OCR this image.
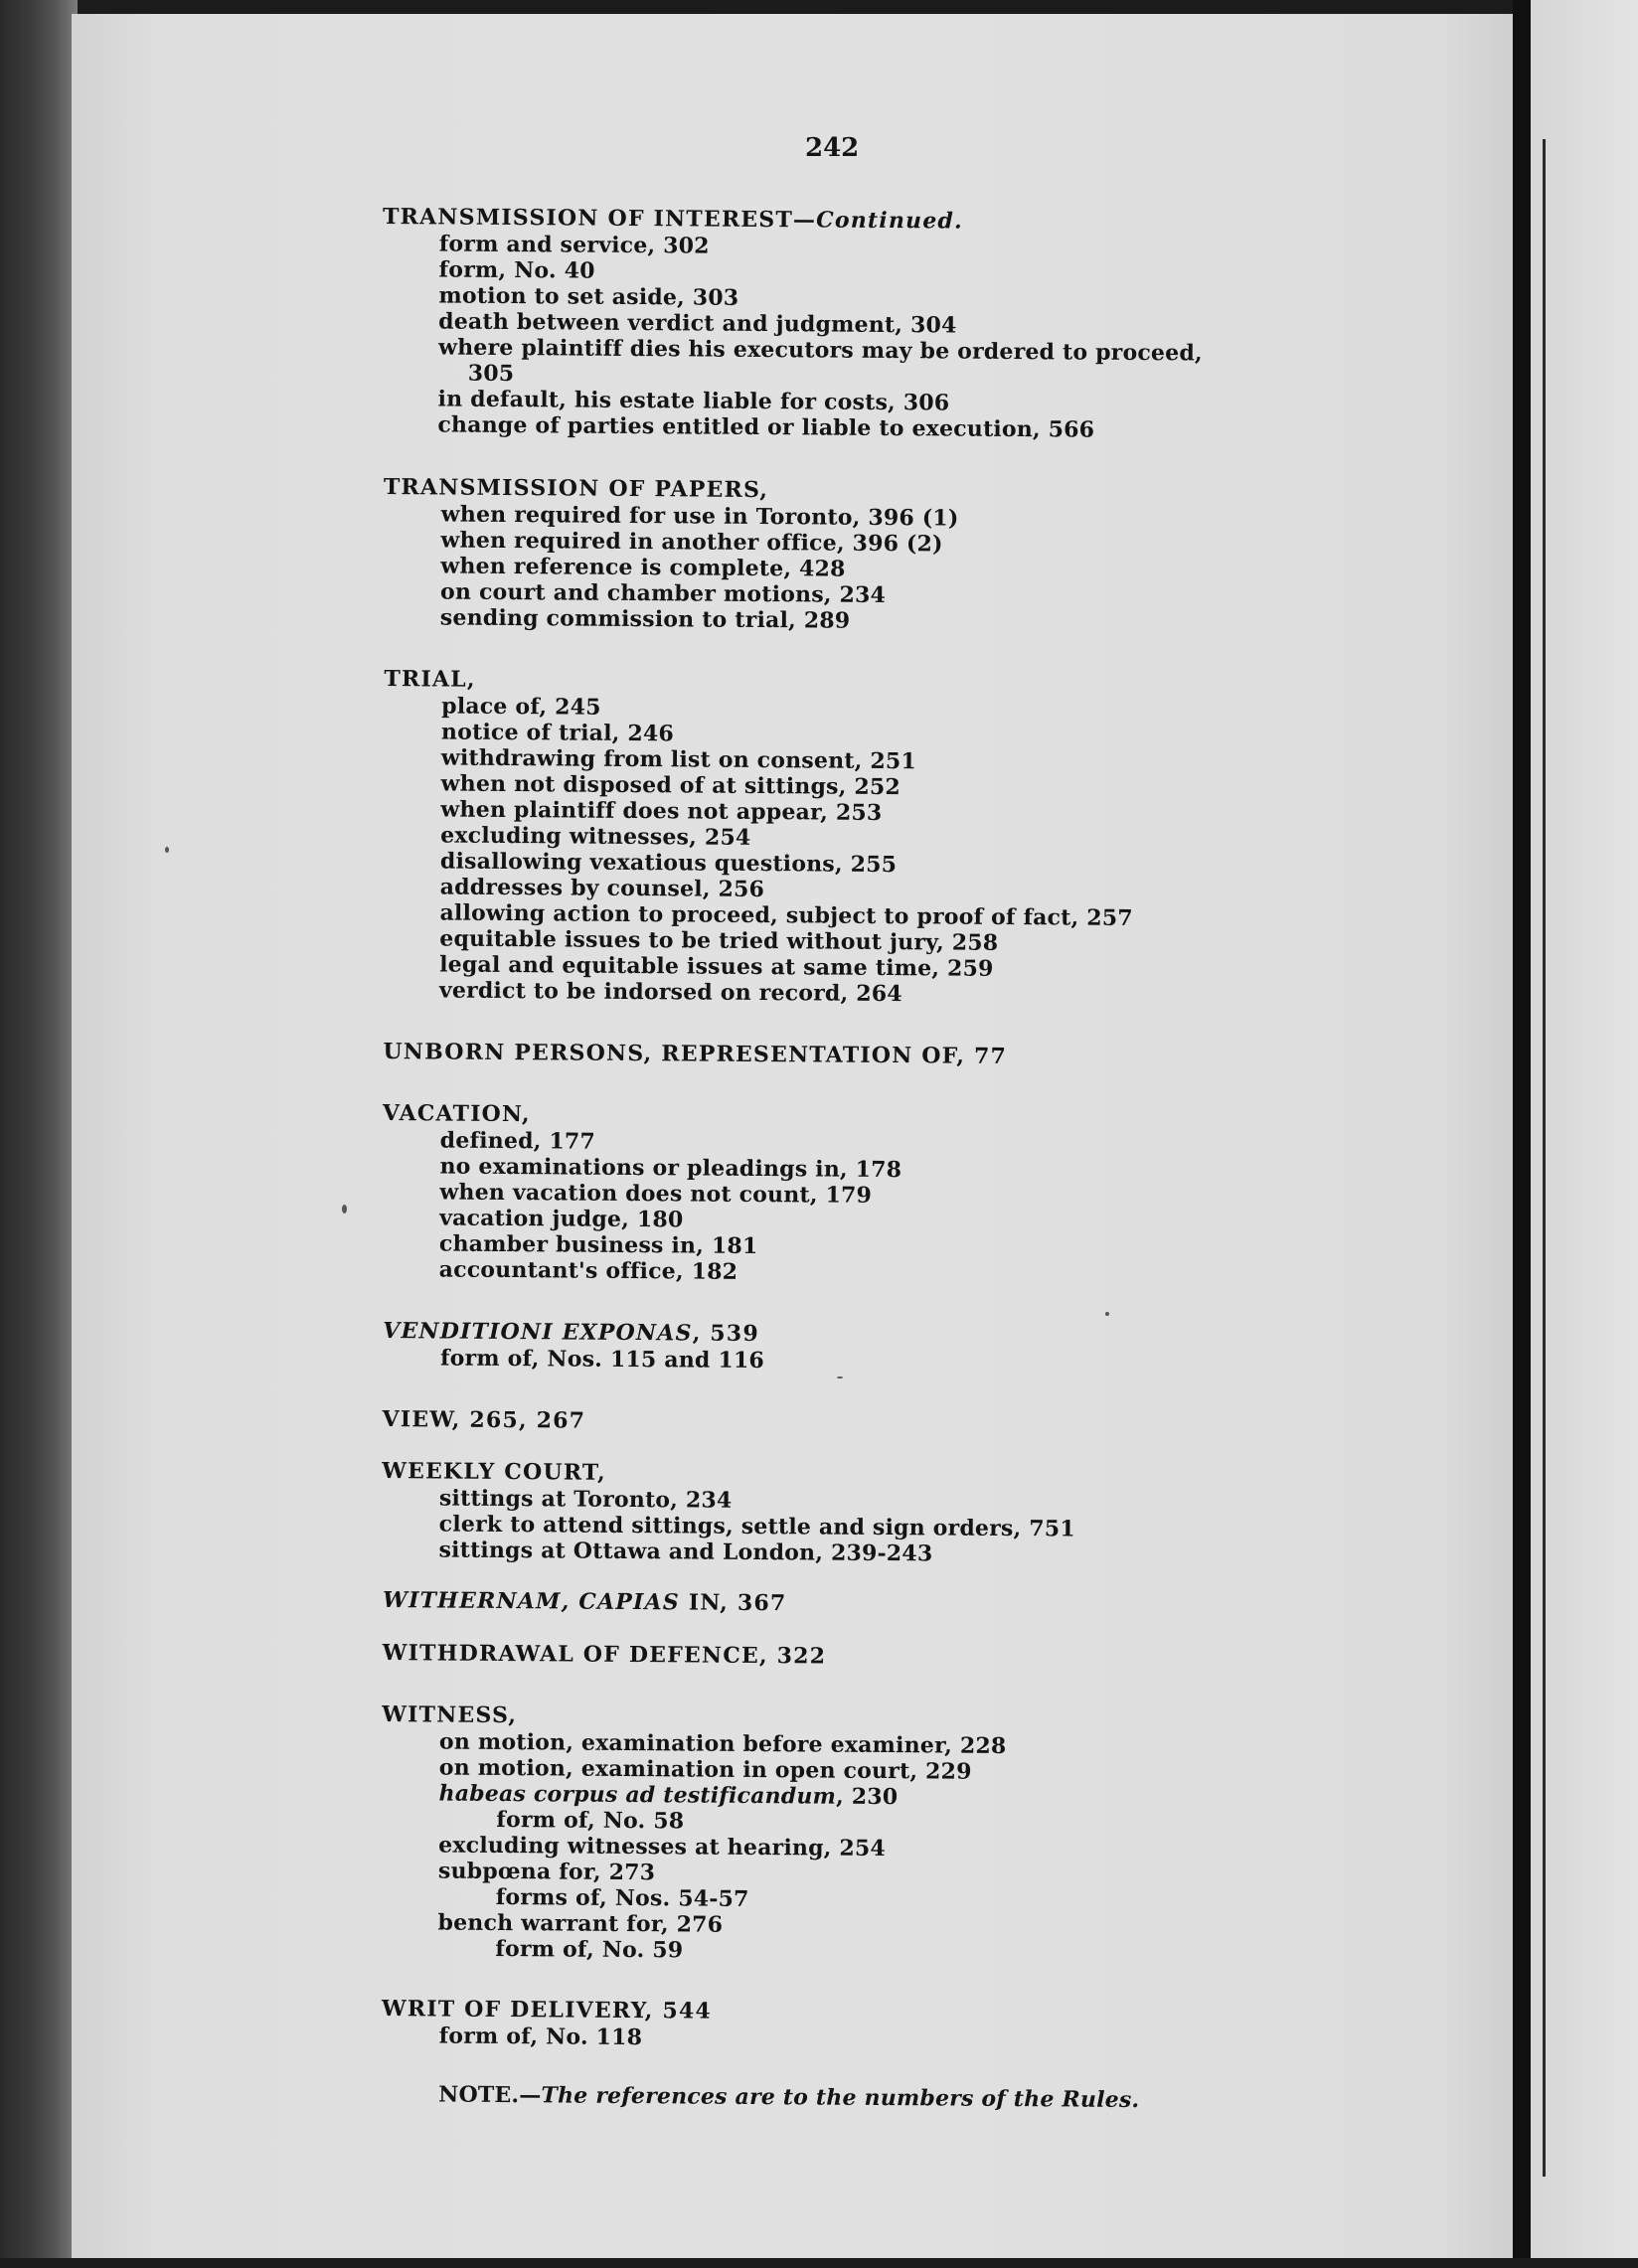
242
TRANSMISSION OF INTEREST—Continued.
form and service, 302
form, No. 40
motion to set aside, 303
death between verdict and judgment, 304
where plaintiff dies his executors may be ordered to proceed,
305
in default, his estate liable for costs, 306
change of parties entitled or liable to execution, 566
TRANSMISSION OF PAPERS,
when required for use in Toronto, 396 (1)
when required in another office, 396 (2)
when reference is complete, 428
on court and chamber motions, 234
sending commission to trial, 289
TRIAL,
place of, 245
notice of trial, 246
withdrawing from list on consent, 251
when not disposed of at sittings, 252
when plaintiff does not appear, 253
excluding witnesses, 254
disallowing vexatious questions, 255
addresses by counsel, 256
allowing action to proceed, subject to proof of fact, 257
equitable issues to be tried without jury, 258
legal and equitable issues at same time, 259
verdict to be indorsed on record, 264
UNBORN PERSONS, REPRESENTATION OF, 77
VACATION,
defined, 177
no examinations or pleadings in, 178
when vacation does not count, 179
vacation judge, 180
chamber business in, 181
accountant's office, 182
VENDITIONI EXPONAS, 539
form of, Nos. 115 and 116
VIEW, 265, 267
WEEKLY COURT,
sittings at Toronto, 234
clerk to attend sittings, settle and sign orders, 751
sittings at Ottawa and London, 239-243
WITHERNAM, CAPIAS IN, 367
WITHDRAWAL OF DEFENCE, 322
WITNESS,
on motion, examination before examiner, 228
on motion, examination in open court, 229
habeas corpus ad testificandum, 230
form of, No. 58
excluding witnesses at hearing, 254
subpœna for, 273
forms of, Nos. 54-57
bench warrant for, 276
form of, No. 59
WRIT OF DELIVERY, 544
form of, No. 118
NOTE.—The references are to the numbers of the Rules.
